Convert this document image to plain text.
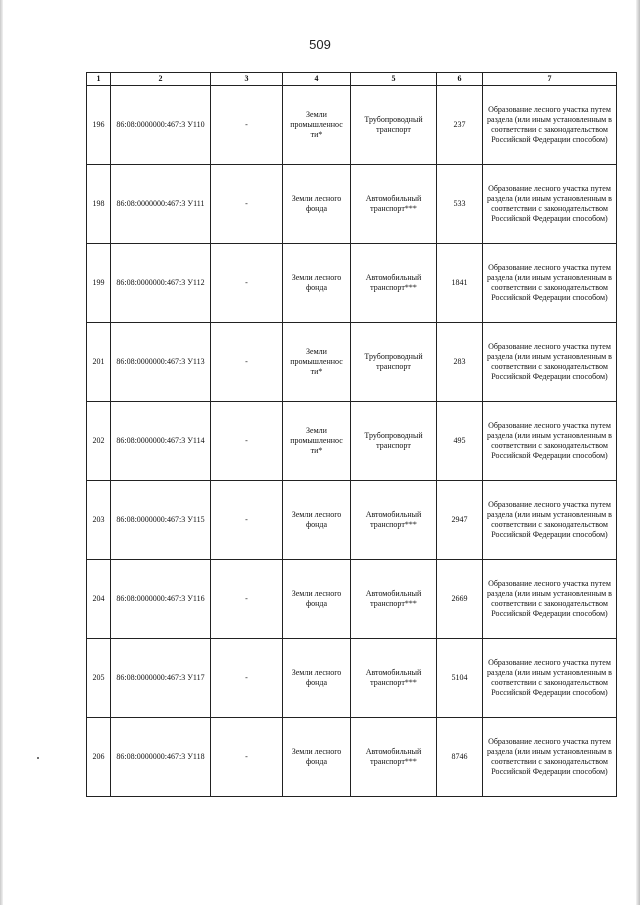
509
1	2	3	4	5	6	7
196	86:08:0000000:467:3 У110	-	Земли промышленнос ти*	Трубопроводный транспорт	237	Образование лесного участка путем раздела (или иным установленным в соответствии с законодательством Российской Федерации способом)
198	86:08:0000000:467:3 У111	-	Земли лесного фонда	Автомобильный транспорт***	533	Образование лесного участка путем раздела (или иным установленным в соответствии с законодательством Российской Федерации способом)
199	86:08:0000000:467:3 У112	-	Земли лесного фонда	Автомобильный транспорт***	1841	Образование лесного участка путем раздела (или иным установленным в соответствии с законодательством Российской Федерации способом)
201	86:08:0000000:467:3 У113	-	Земли промышленнос ти*	Трубопроводный транспорт	283	Образование лесного участка путем раздела (или иным установленным в соответствии с законодательством Российской Федерации способом)
202	86:08:0000000:467:3 У114	-	Земли промышленнос ти*	Трубопроводный транспорт	495	Образование лесного участка путем раздела (или иным установленным в соответствии с законодательством Российской Федерации способом)
203	86:08:0000000:467:3 У115	-	Земли лесного фонда	Автомобильный транспорт***	2947	Образование лесного участка путем раздела (или иным установленным в соответствии с законодательством Российской Федерации способом)
204	86:08:0000000:467:3 У116	-	Земли лесного фонда	Автомобильный транспорт***	2669	Образование лесного участка путем раздела (или иным установленным в соответствии с законодательством Российской Федерации способом)
205	86:08:0000000:467:3 У117	-	Земли лесного фонда	Автомобильный транспорт***	5104	Образование лесного участка путем раздела (или иным установленным в соответствии с законодательством Российской Федерации способом)
206	86:08:0000000:467:3 У118	-	Земли лесного фонда	Автомобильный транспорт***	8746	Образование лесного участка путем раздела (или иным установленным в соответствии с законодательством Российской Федерации способом)
